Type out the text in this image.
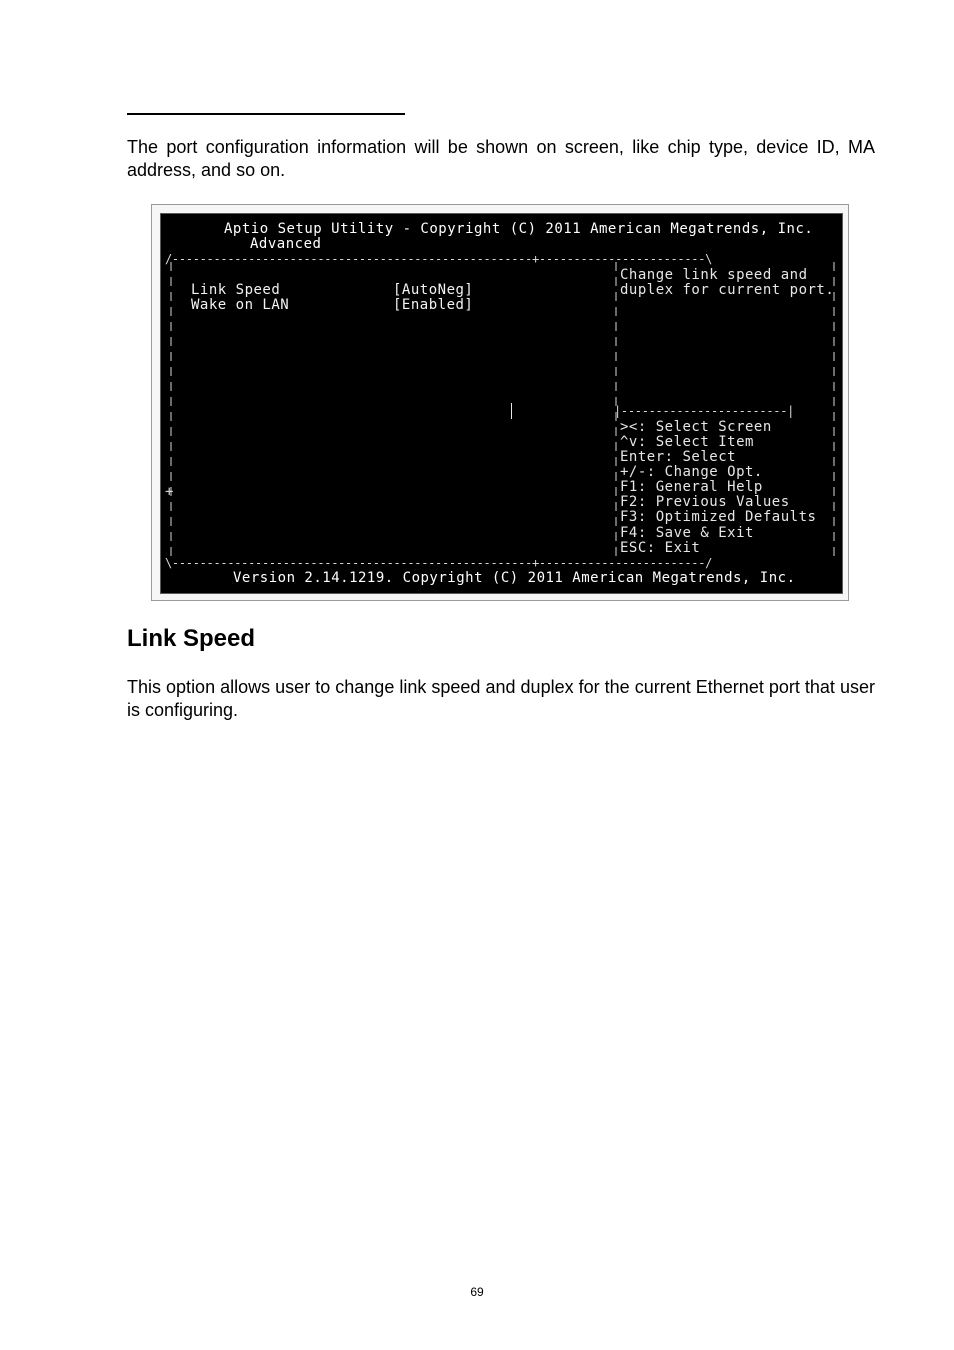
The port configuration information will be shown on screen, like chip type, device ID, MA address, and so on.

Aptio Setup Utility - Copyright (C) 2011 American Megatrends, Inc.
Advanced
/----------------------------------------------------+------------------------\
+
Link Speed	[AutoNeg]
Wake on LAN	[Enabled]
Change link speed and
duplex for current port.
|------------------------|
><: Select Screen
^v: Select Item
Enter: Select
+/-: Change Opt.
F1: General Help
F2: Previous Values
F3: Optimized Defaults
F4: Save & Exit
ESC: Exit
\----------------------------------------------------+------------------------/
Version 2.14.1219. Copyright (C) 2011 American Megatrends, Inc.
Link Speed

This option allows user to change link speed and duplex for the current Ethernet port that user is configuring.

69
